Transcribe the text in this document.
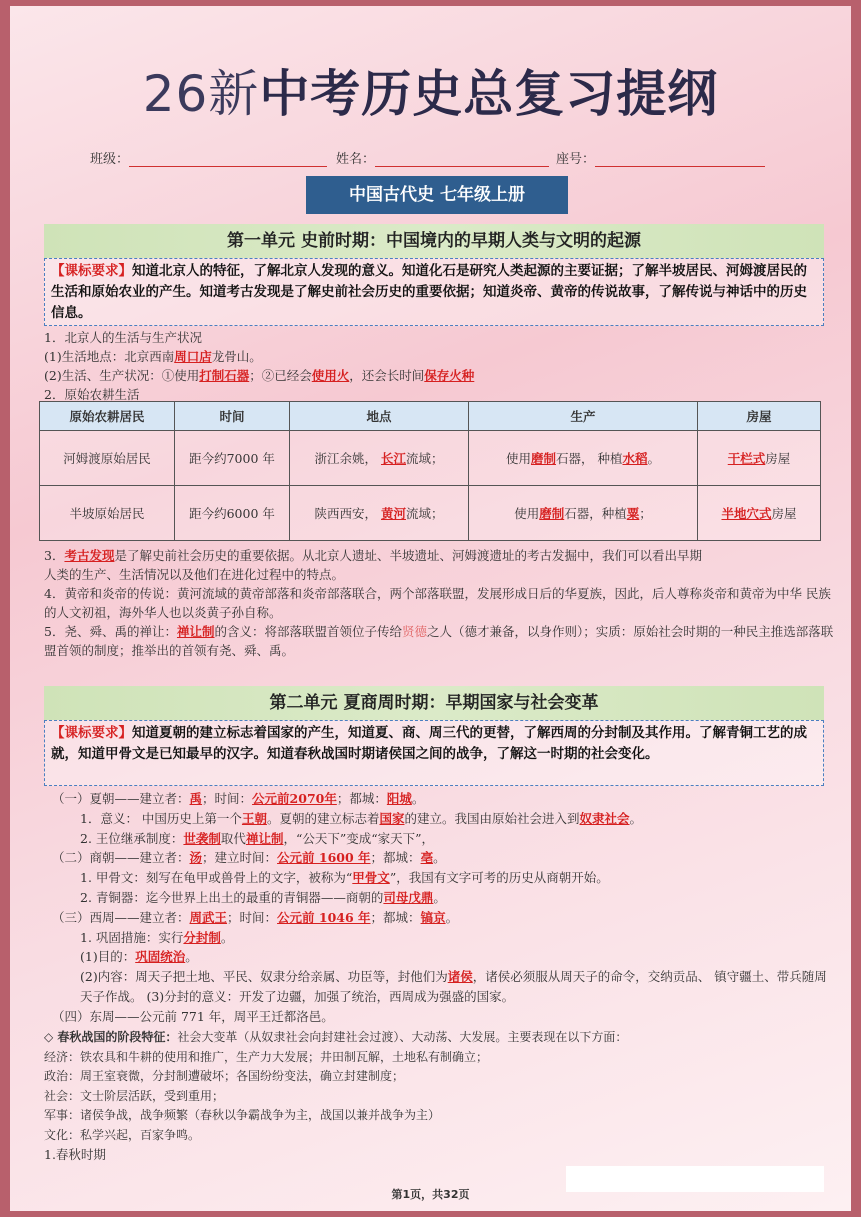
26新中考历史总复习提纲
班级：	姓名：	座号：
中国古代史 七年级上册
第一单元 史前时期：中国境内的早期人类与文明的起源
【课标要求】知道北京人的特征，了解北京人发现的意义。知道化石是研究人类起源的主要证据；了解半坡居民、河姆渡居民的生活和原始农业的产生。知道考古发现是了解史前社会历史的重要依据；知道炎帝、黄帝的传说故事，了解传说与神话中的历史信息。
1．北京人的生活与生产状况
(1)生活地点：北京西南周口店龙骨山。
(2)生活、生产状况：①使用打制石器；②已经会使用火，还会长时间保存火种
2．原始农耕生活
原始农耕居民	时间	地点	生产	房屋
河姆渡原始居民	距今约7000 年	浙江余姚， 长江流域；	使用磨制石器， 种植水稻。	干栏式房屋
半坡原始居民	距今约6000 年	陕西西安， 黄河流域；	使用磨制石器，种植粟；	半地穴式房屋
3．考古发现是了解史前社会历史的重要依据。从北京人遗址、半坡遗址、河姆渡遗址的考古发掘中，我们可以看出早期
人类的生产、生活情况以及他们在进化过程中的特点。
4．黄帝和炎帝的传说：黄河流域的黄帝部落和炎帝部落联合，两个部落联盟，发展形成日后的华夏族，因此，后人尊称炎帝和黄帝为中华 民族的人文初祖，海外华人也以炎黄子孙自称。
5．尧、舜、禹的禅让：禅让制的含义：将部落联盟首领位子传给贤德之人（德才兼备，以身作则）；实质：原始社会时期的一种民主推选部落联盟首领的制度；推举出的首领有尧、舜、禹。
第二单元 夏商周时期：早期国家与社会变革
【课标要求】知道夏朝的建立标志着国家的产生，知道夏、商、周三代的更替，了解西周的分封制及其作用。了解青铜工艺的成就，知道甲骨文是已知最早的汉字。知道春秋战国时期诸侯国之间的战争，了解这一时期的社会变化。
（一）夏朝——建立者：禹；时间：公元前2070年；都城：阳城。
1．意义： 中国历史上第一个王朝。夏朝的建立标志着国家的建立。我国由原始社会进入到奴隶社会。
2. 王位继承制度：世袭制取代禅让制，“公天下”变成“家天下”，
（二）商朝——建立者：汤；建立时间：公元前 1600 年；都城：亳。
1. 甲骨文：刻写在龟甲或兽骨上的文字，被称为“甲骨文”，我国有文字可考的历史从商朝开始。
2. 青铜器：迄今世界上出土的最重的青铜器——商朝的司母戊鼎。
（三）西周——建立者：周武王；时间：公元前 1046 年；都城：镐京。
1. 巩固措施：实行分封制。
(1)目的：巩固统治。
(2)内容：周天子把土地、平民、奴隶分给亲属、功臣等，封他们为诸侯，诸侯必须服从周天子的命令，交纳贡品、 镇守疆土、带兵随周天子作战。 (3)分封的意义：开发了边疆，加强了统治，西周成为强盛的国家。
（四）东周——公元前 771 年，周平王迁都洛邑。
◇ 春秋战国的阶段特征：社会大变革（从奴隶社会向封建社会过渡）、大动荡、大发展。主要表现在以下方面：
经济：铁农具和牛耕的使用和推广，生产力大发展；井田制瓦解，土地私有制确立；
政治：周王室衰微，分封制遭破坏；各国纷纷变法，确立封建制度；
社会：文士阶层活跃，受到重用；
军事：诸侯争战，战争频繁（春秋以争霸战争为主，战国以兼并战争为主）
文化：私学兴起，百家争鸣。
1.春秋时期
第1页，共32页
